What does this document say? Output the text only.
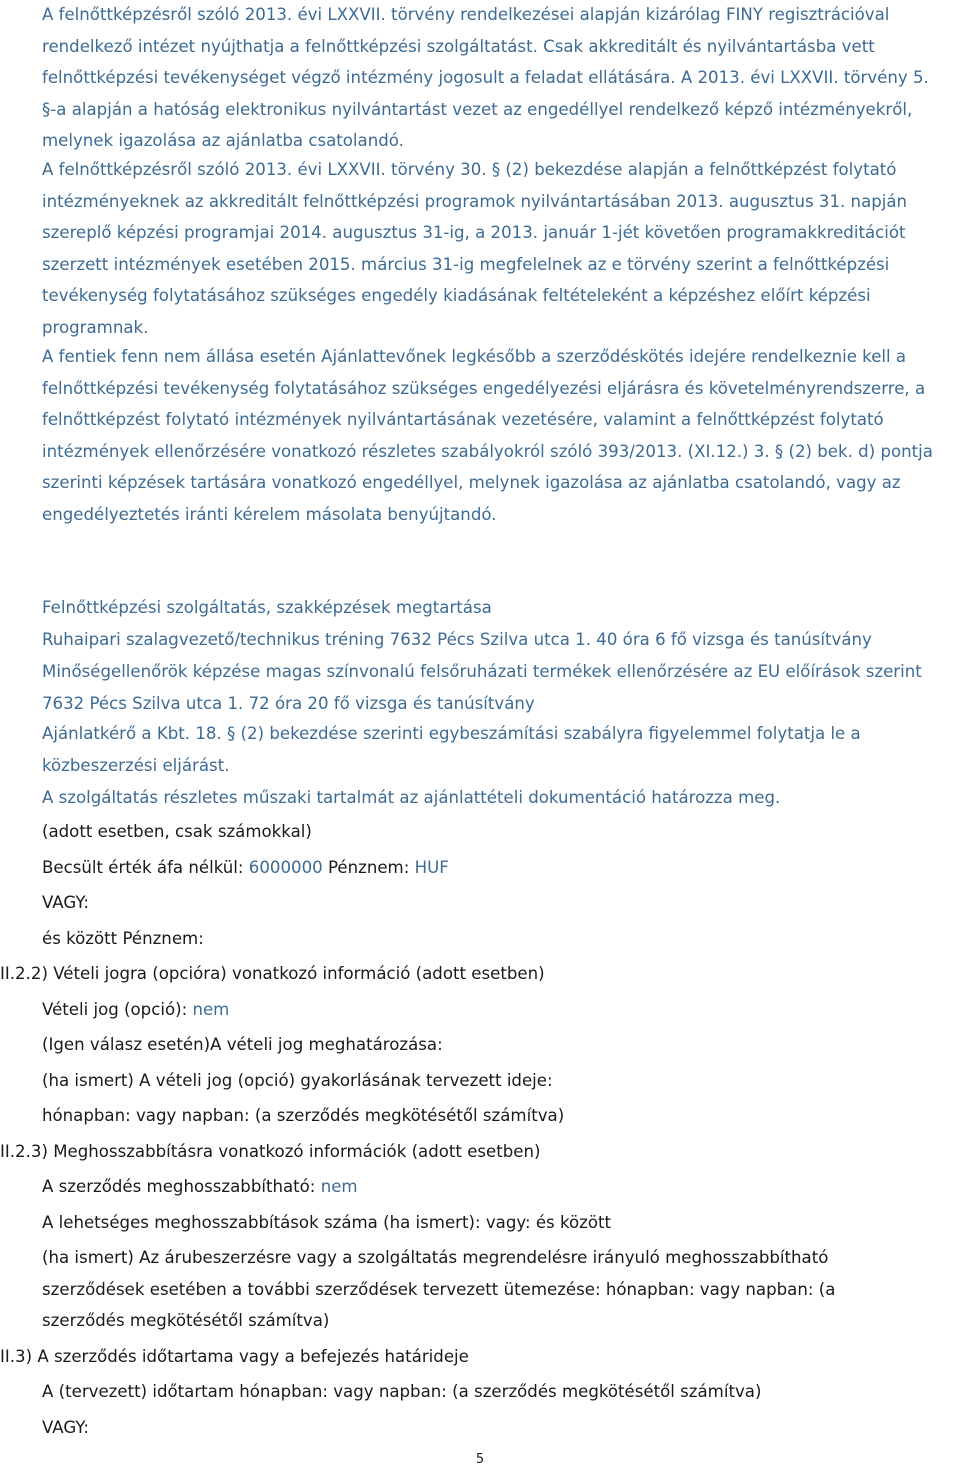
A felnőttképzésről szóló 2013. évi LXXVII. törvény rendelkezései alapján kizárólag FINY regisztrációval rendelkező intézet nyújthatja a felnőttképzési szolgáltatást. Csak akkreditált és nyilvántartásba vett felnőttképzési tevékenységet végző intézmény jogosult a feladat ellátására. A 2013. évi LXXVII. törvény 5. §-a alapján a hatóság elektronikus nyilvántartást vezet az engedéllyel rendelkező képző intézményekről, melynek igazolása az ajánlatba csatolandó.

A felnőttképzésről szóló 2013. évi LXXVII. törvény 30. § (2) bekezdése alapján a felnőttképzést folytató intézményeknek az akkreditált felnőttképzési programok nyilvántartásában 2013. augusztus 31. napján szereplő képzési programjai 2014. augusztus 31-ig, a 2013. január 1-jét követően programakkreditációt szerzett intézmények esetében 2015. március 31-ig megfelelnek az e törvény szerint a felnőttképzési tevékenység folytatásához szükséges engedély kiadásának feltételeként a képzéshez előírt képzési programnak.

A fentiek fenn nem állása esetén Ajánlattevőnek legkésőbb a szerződéskötés idejére rendelkeznie kell a felnőttképzési tevékenység folytatásához szükséges engedélyezési eljárásra és követelményrendszerre, a felnőttképzést folytató intézmények nyilvántartásának vezetésére, valamint a felnőttképzést folytató intézmények ellenőrzésére vonatkozó részletes szabályokról szóló 393/2013. (XI.12.) 3. § (2) bek. d) pontja szerinti képzések tartására vonatkozó engedéllyel, melynek igazolása az ajánlatba csatolandó, vagy az engedélyeztetés iránti kérelem másolata benyújtandó.

Felnőttképzési szolgáltatás, szakképzések megtartása

Ruhaipari szalagvezető/technikus tréning 7632 Pécs Szilva utca 1. 40 óra 6 fő vizsga és tanúsítvány

Minőségellenőrök képzése magas színvonalú felsőruházati termékek ellenőrzésére az EU előírások szerint 7632 Pécs Szilva utca 1. 72 óra 20 fő vizsga és tanúsítvány

Ajánlatkérő a Kbt. 18. § (2) bekezdése szerinti egybeszámítási szabályra figyelemmel folytatja le a közbeszerzési eljárást.

A szolgáltatás részletes műszaki tartalmát az ajánlattételi dokumentáció határozza meg.

(adott esetben, csak számokkal)

Becsült érték áfa nélkül: 6000000 Pénznem: HUF

VAGY:

és között Pénznem:

II.2.2) Vételi jogra (opcióra) vonatkozó információ (adott esetben)

Vételi jog (opció): nem

(Igen válasz esetén)A vételi jog meghatározása:

(ha ismert) A vételi jog (opció) gyakorlásának tervezett ideje:

hónapban: vagy napban: (a szerződés megkötésétől számítva)

II.2.3) Meghosszabbításra vonatkozó információk (adott esetben)

A szerződés meghosszabbítható: nem

A lehetséges meghosszabbítások száma (ha ismert): vagy: és között

(ha ismert) Az árubeszerzésre vagy a szolgáltatás megrendelésre irányuló meghosszabbítható

szerződések esetében a további szerződések tervezett ütemezése: hónapban: vagy napban: (a

szerződés megkötésétől számítva)

II.3) A szerződés időtartama vagy a befejezés határideje

A (tervezett) időtartam hónapban: vagy napban: (a szerződés megkötésétől számítva)

VAGY:

5
